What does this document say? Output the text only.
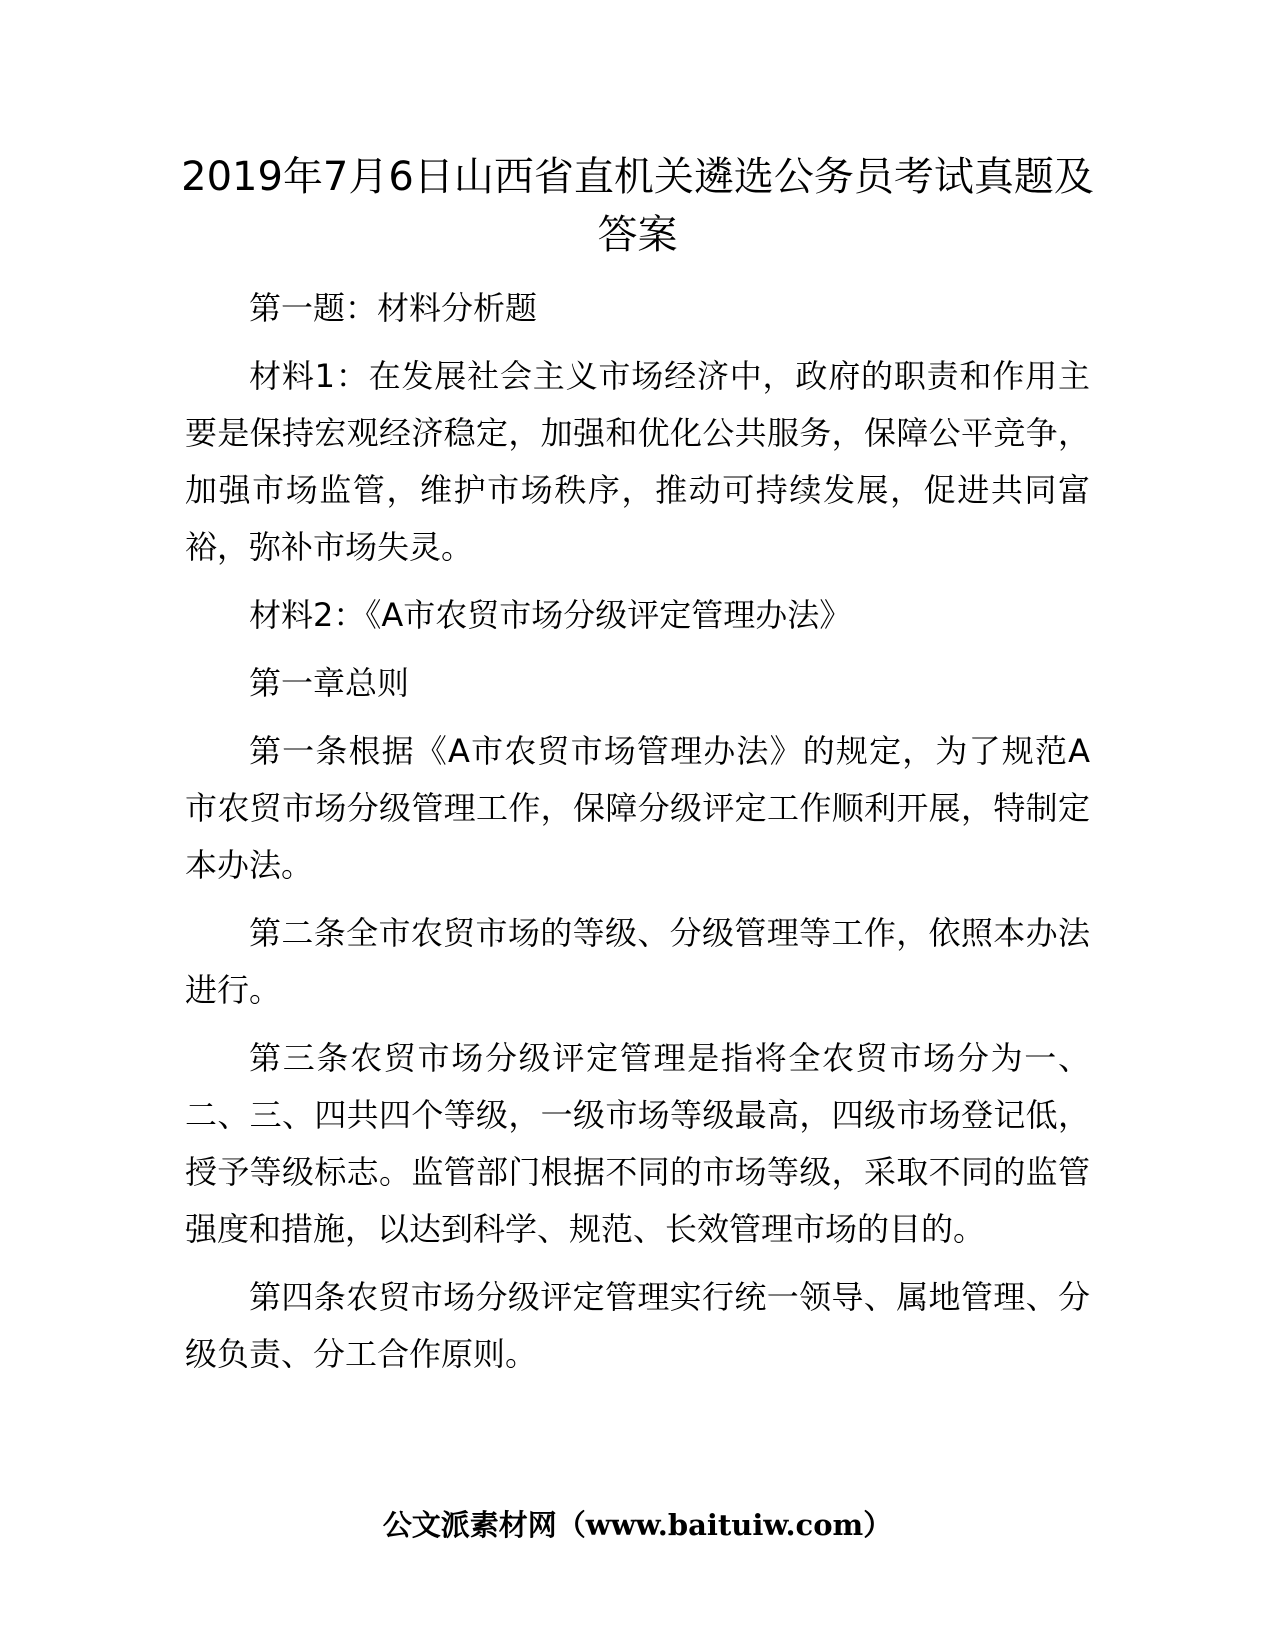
2019年7月6日山西省直机关遴选公务员考试真题及答案

第一题：材料分析题

材料1：在发展社会主义市场经济中，政府的职责和作用主要是保持宏观经济稳定，加强和优化公共服务，保障公平竞争，加强市场监管，维护市场秩序，推动可持续发展，促进共同富裕，弥补市场失灵。

材料2：《A市农贸市场分级评定管理办法》

第一章总则

第一条根据《A市农贸市场管理办法》的规定，为了规范A市农贸市场分级管理工作，保障分级评定工作顺利开展，特制定本办法。

第二条全市农贸市场的等级、分级管理等工作，依照本办法进行。

第三条农贸市场分级评定管理是指将全农贸市场分为一、二、三、四共四个等级，一级市场等级最高，四级市场登记低，授予等级标志。监管部门根据不同的市场等级，采取不同的监管强度和措施，以达到科学、规范、长效管理市场的目的。

第四条农贸市场分级评定管理实行统一领导、属地管理、分级负责、分工合作原则。

公文派素材网（www.baituiw.com）
